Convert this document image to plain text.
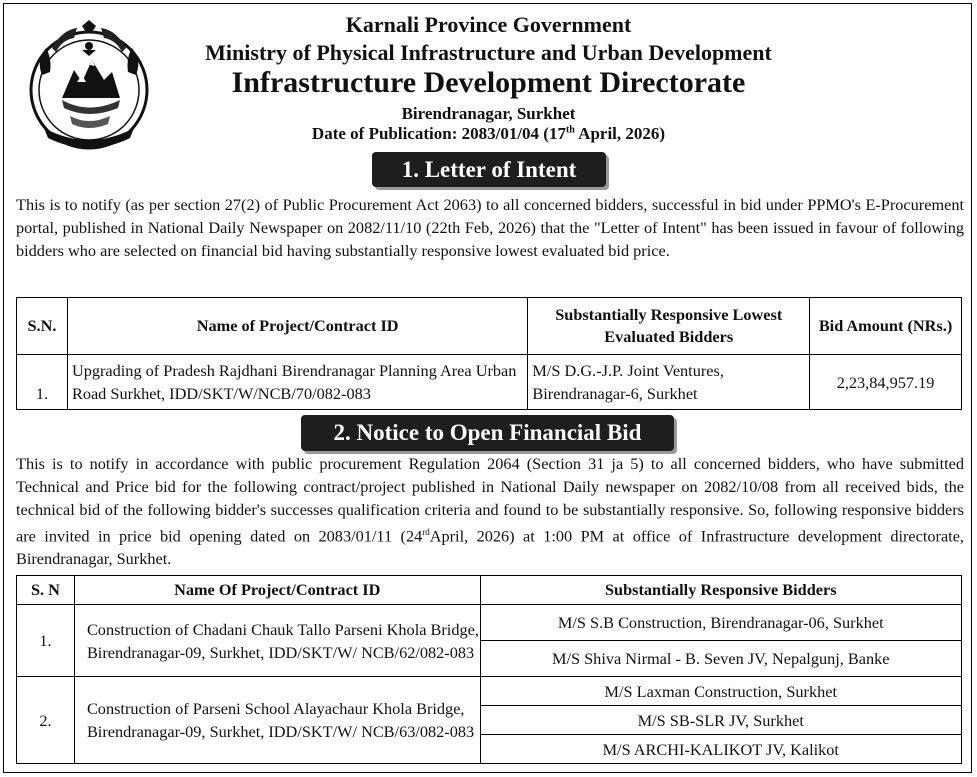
Karnali Province Government
Ministry of Physical Infrastructure and Urban Development
Infrastructure Development Directorate
Birendranagar, Surkhet
Date of Publication: 2083/01/04 (17th April, 2026)
1. Letter of Intent
This is to notify (as per section 27(2) of Public Procurement Act 2063) to all concerned bidders, successful in bid under PPMO's E-Procurement portal, published in National Daily Newspaper on 2082/11/10 (22th Feb, 2026) that the "Letter of Intent" has been issued in favour of following bidders who are selected on financial bid having substantially responsive lowest evaluated bid price.
S.N.	Name of Project/Contract ID	Substantially Responsive Lowest Evaluated Bidders	Bid Amount (NRs.)
1.	Upgrading of Pradesh Rajdhani Birendranagar Planning Area Urban Road Surkhet, IDD/SKT/W/NCB/70/082-083	M/S D.G.-J.P. Joint Ventures, Birendranagar-6, Surkhet	2,23,84,957.19
2. Notice to Open Financial Bid
This is to notify in accordance with public procurement Regulation 2064 (Section 31 ja 5) to all concerned bidders, who have submitted Technical and Price bid for the following contract/project published in National Daily newspaper on 2082/10/08 from all received bids, the technical bid of the following bidder's successes qualification criteria and found to be substantially responsive. So, following responsive bidders are invited in price bid opening dated on 2083/01/11 (24rdApril, 2026) at 1:00 PM at office of Infrastructure development directorate, Birendranagar, Surkhet.
S. N	Name Of Project/Contract ID	Substantially Responsive Bidders
1.	Construction of Chadani Chauk Tallo Parseni Khola Bridge, Birendranagar-09, Surkhet, IDD/SKT/W/ NCB/62/082-083	M/S S.B Construction, Birendranagar-06, Surkhet
		M/S Shiva Nirmal - B. Seven JV, Nepalgunj, Banke
2.	Construction of Parseni School Alayachaur Khola Bridge, Birendranagar-09, Surkhet, IDD/SKT/W/ NCB/63/082-083	M/S Laxman Construction, Surkhet
		M/S SB-SLR JV, Surkhet
		M/S ARCHI-KALIKOT JV, Kalikot
